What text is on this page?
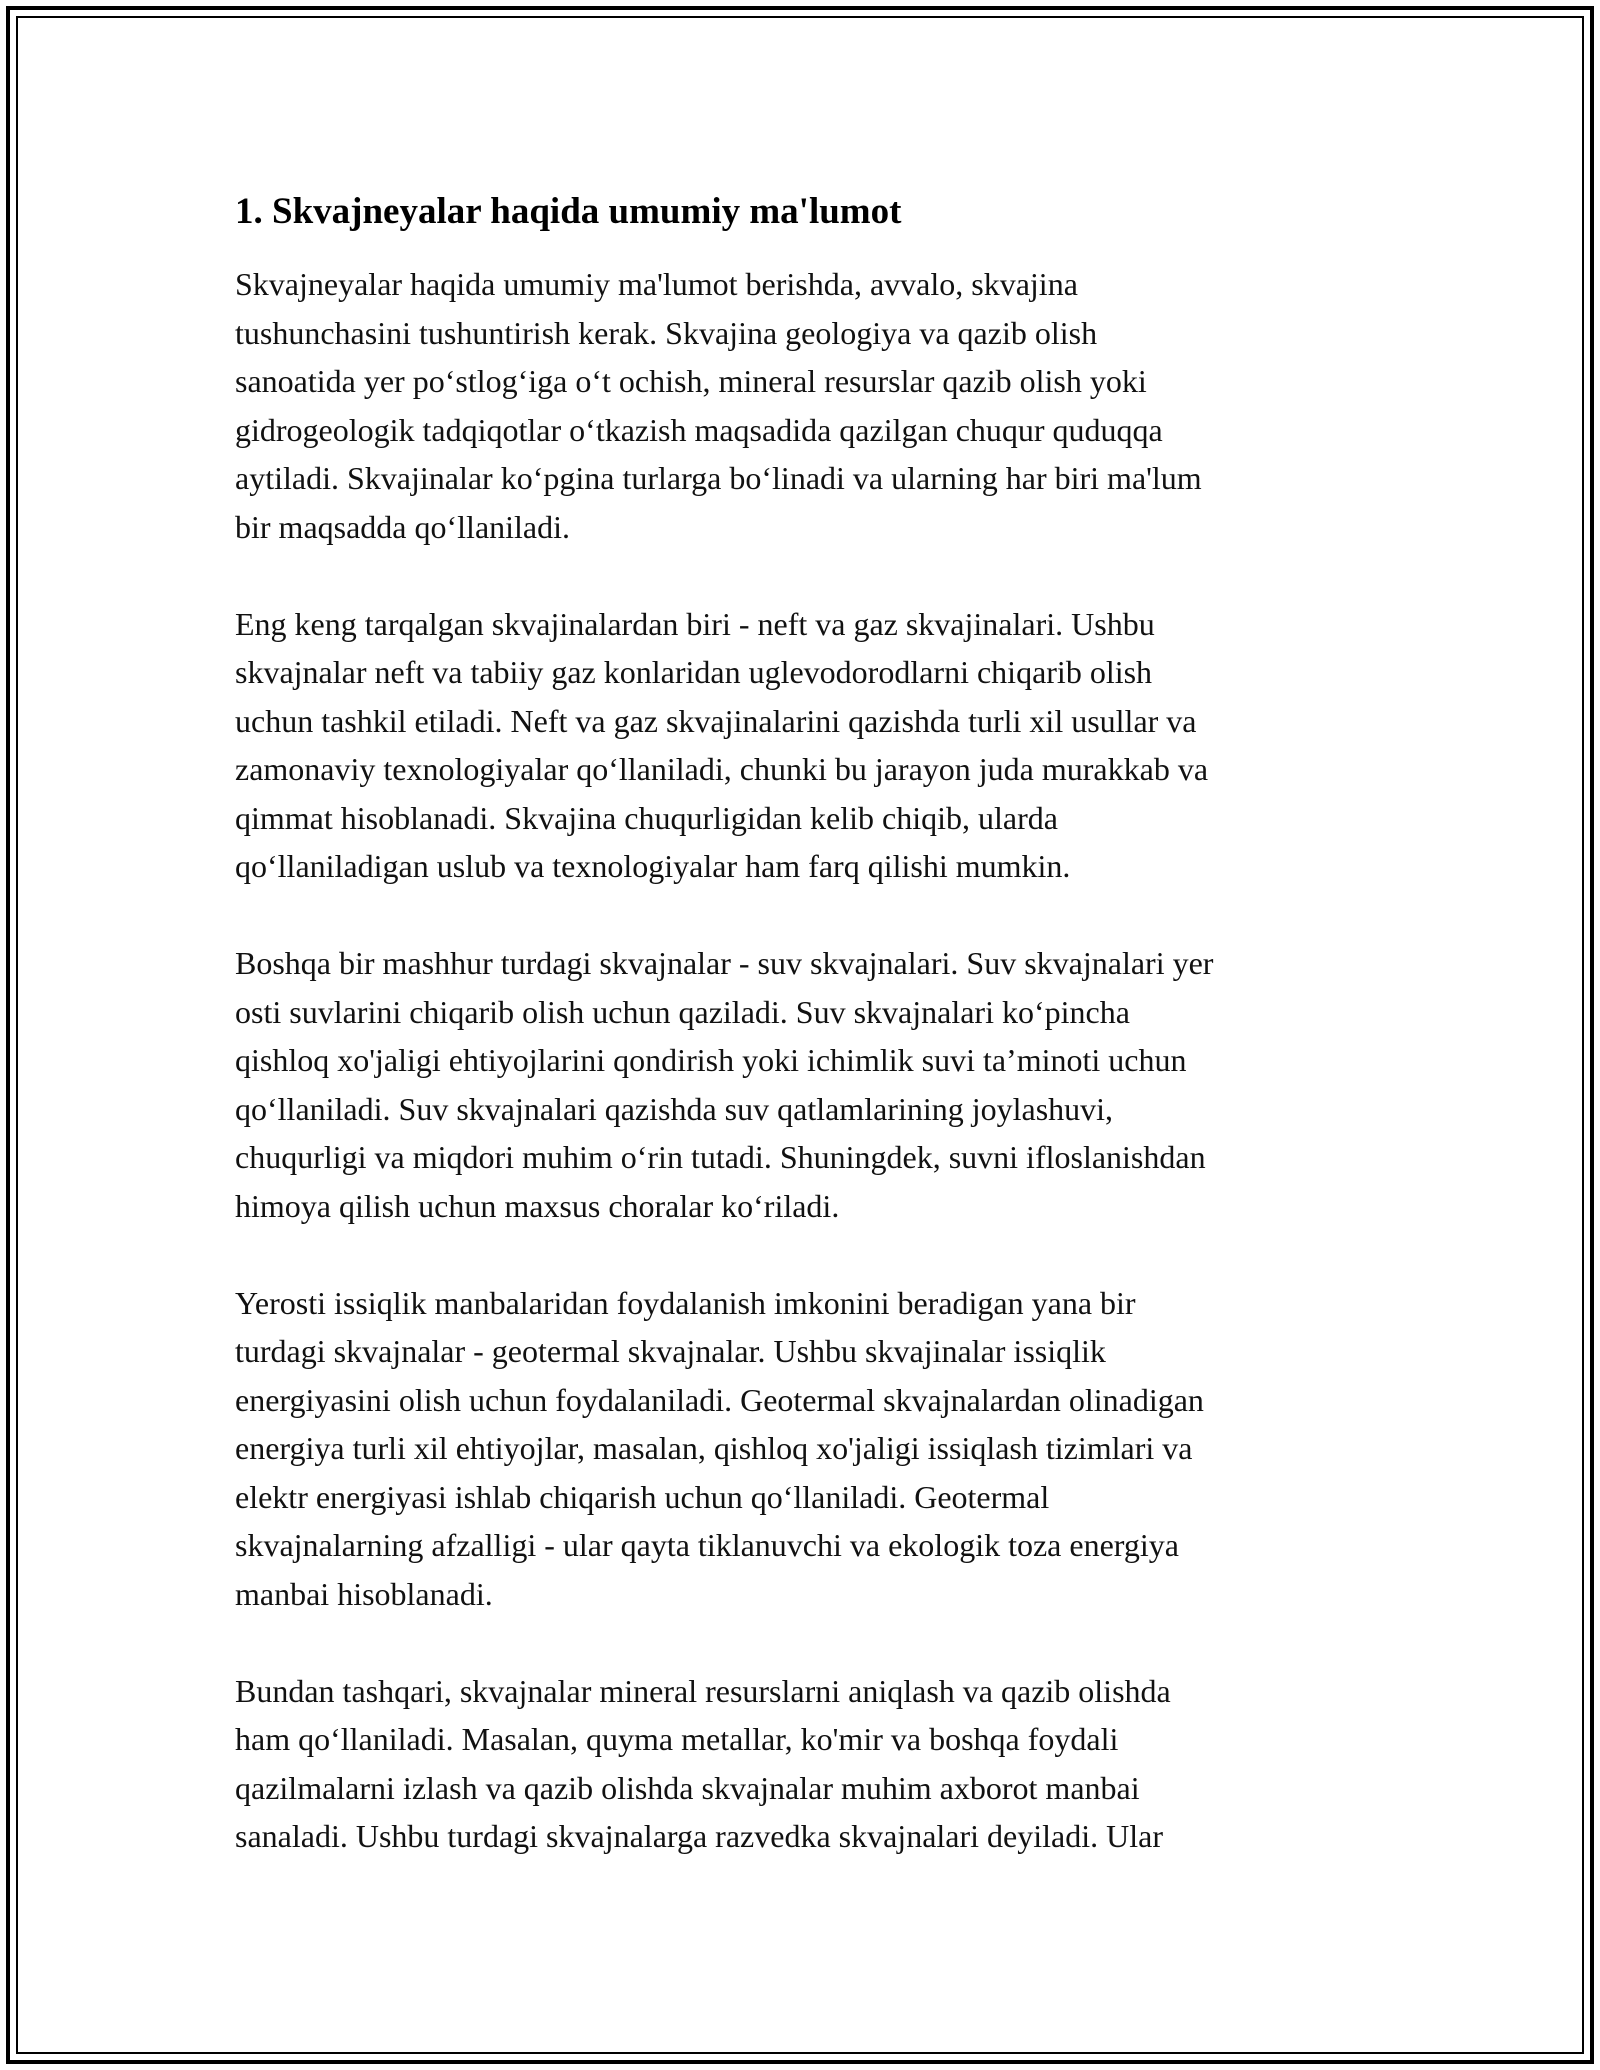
1. Skvajneyalar haqida umumiy ma'lumot

Skvajneyalar haqida umumiy ma'lumot berishda, avvalo, skvajina
tushunchasini tushuntirish kerak. Skvajina geologiya va qazib olish
sanoatida yer po‘stlog‘iga o‘t ochish, mineral resurslar qazib olish yoki
gidrogeologik tadqiqotlar o‘tkazish maqsadida qazilgan chuqur quduqqa
aytiladi. Skvajinalar ko‘pgina turlarga bo‘linadi va ularning har biri ma'lum
bir maqsadda qo‘llaniladi.

Eng keng tarqalgan skvajinalardan biri - neft va gaz skvajinalari. Ushbu
skvajnalar neft va tabiiy gaz konlaridan uglevodorodlarni chiqarib olish
uchun tashkil etiladi. Neft va gaz skvajinalarini qazishda turli xil usullar va
zamonaviy texnologiyalar qo‘llaniladi, chunki bu jarayon juda murakkab va
qimmat hisoblanadi. Skvajina chuqurligidan kelib chiqib, ularda
qo‘llaniladigan uslub va texnologiyalar ham farq qilishi mumkin.

Boshqa bir mashhur turdagi skvajnalar - suv skvajnalari. Suv skvajnalari yer
osti suvlarini chiqarib olish uchun qaziladi. Suv skvajnalari ko‘pincha
qishloq xo'jaligi ehtiyojlarini qondirish yoki ichimlik suvi ta’minoti uchun
qo‘llaniladi. Suv skvajnalari qazishda suv qatlamlarining joylashuvi,
chuqurligi va miqdori muhim o‘rin tutadi. Shuningdek, suvni ifloslanishdan
himoya qilish uchun maxsus choralar ko‘riladi.

Yerosti issiqlik manbalaridan foydalanish imkonini beradigan yana bir
turdagi skvajnalar - geotermal skvajnalar. Ushbu skvajinalar issiqlik
energiyasini olish uchun foydalaniladi. Geotermal skvajnalardan olinadigan
energiya turli xil ehtiyojlar, masalan, qishloq xo'jaligi issiqlash tizimlari va
elektr energiyasi ishlab chiqarish uchun qo‘llaniladi. Geotermal
skvajnalarning afzalligi - ular qayta tiklanuvchi va ekologik toza energiya
manbai hisoblanadi.

Bundan tashqari, skvajnalar mineral resurslarni aniqlash va qazib olishda
ham qo‘llaniladi. Masalan, quyma metallar, ko'mir va boshqa foydali
qazilmalarni izlash va qazib olishda skvajnalar muhim axborot manbai
sanaladi. Ushbu turdagi skvajnalarga razvedka skvajnalari deyiladi. Ular
